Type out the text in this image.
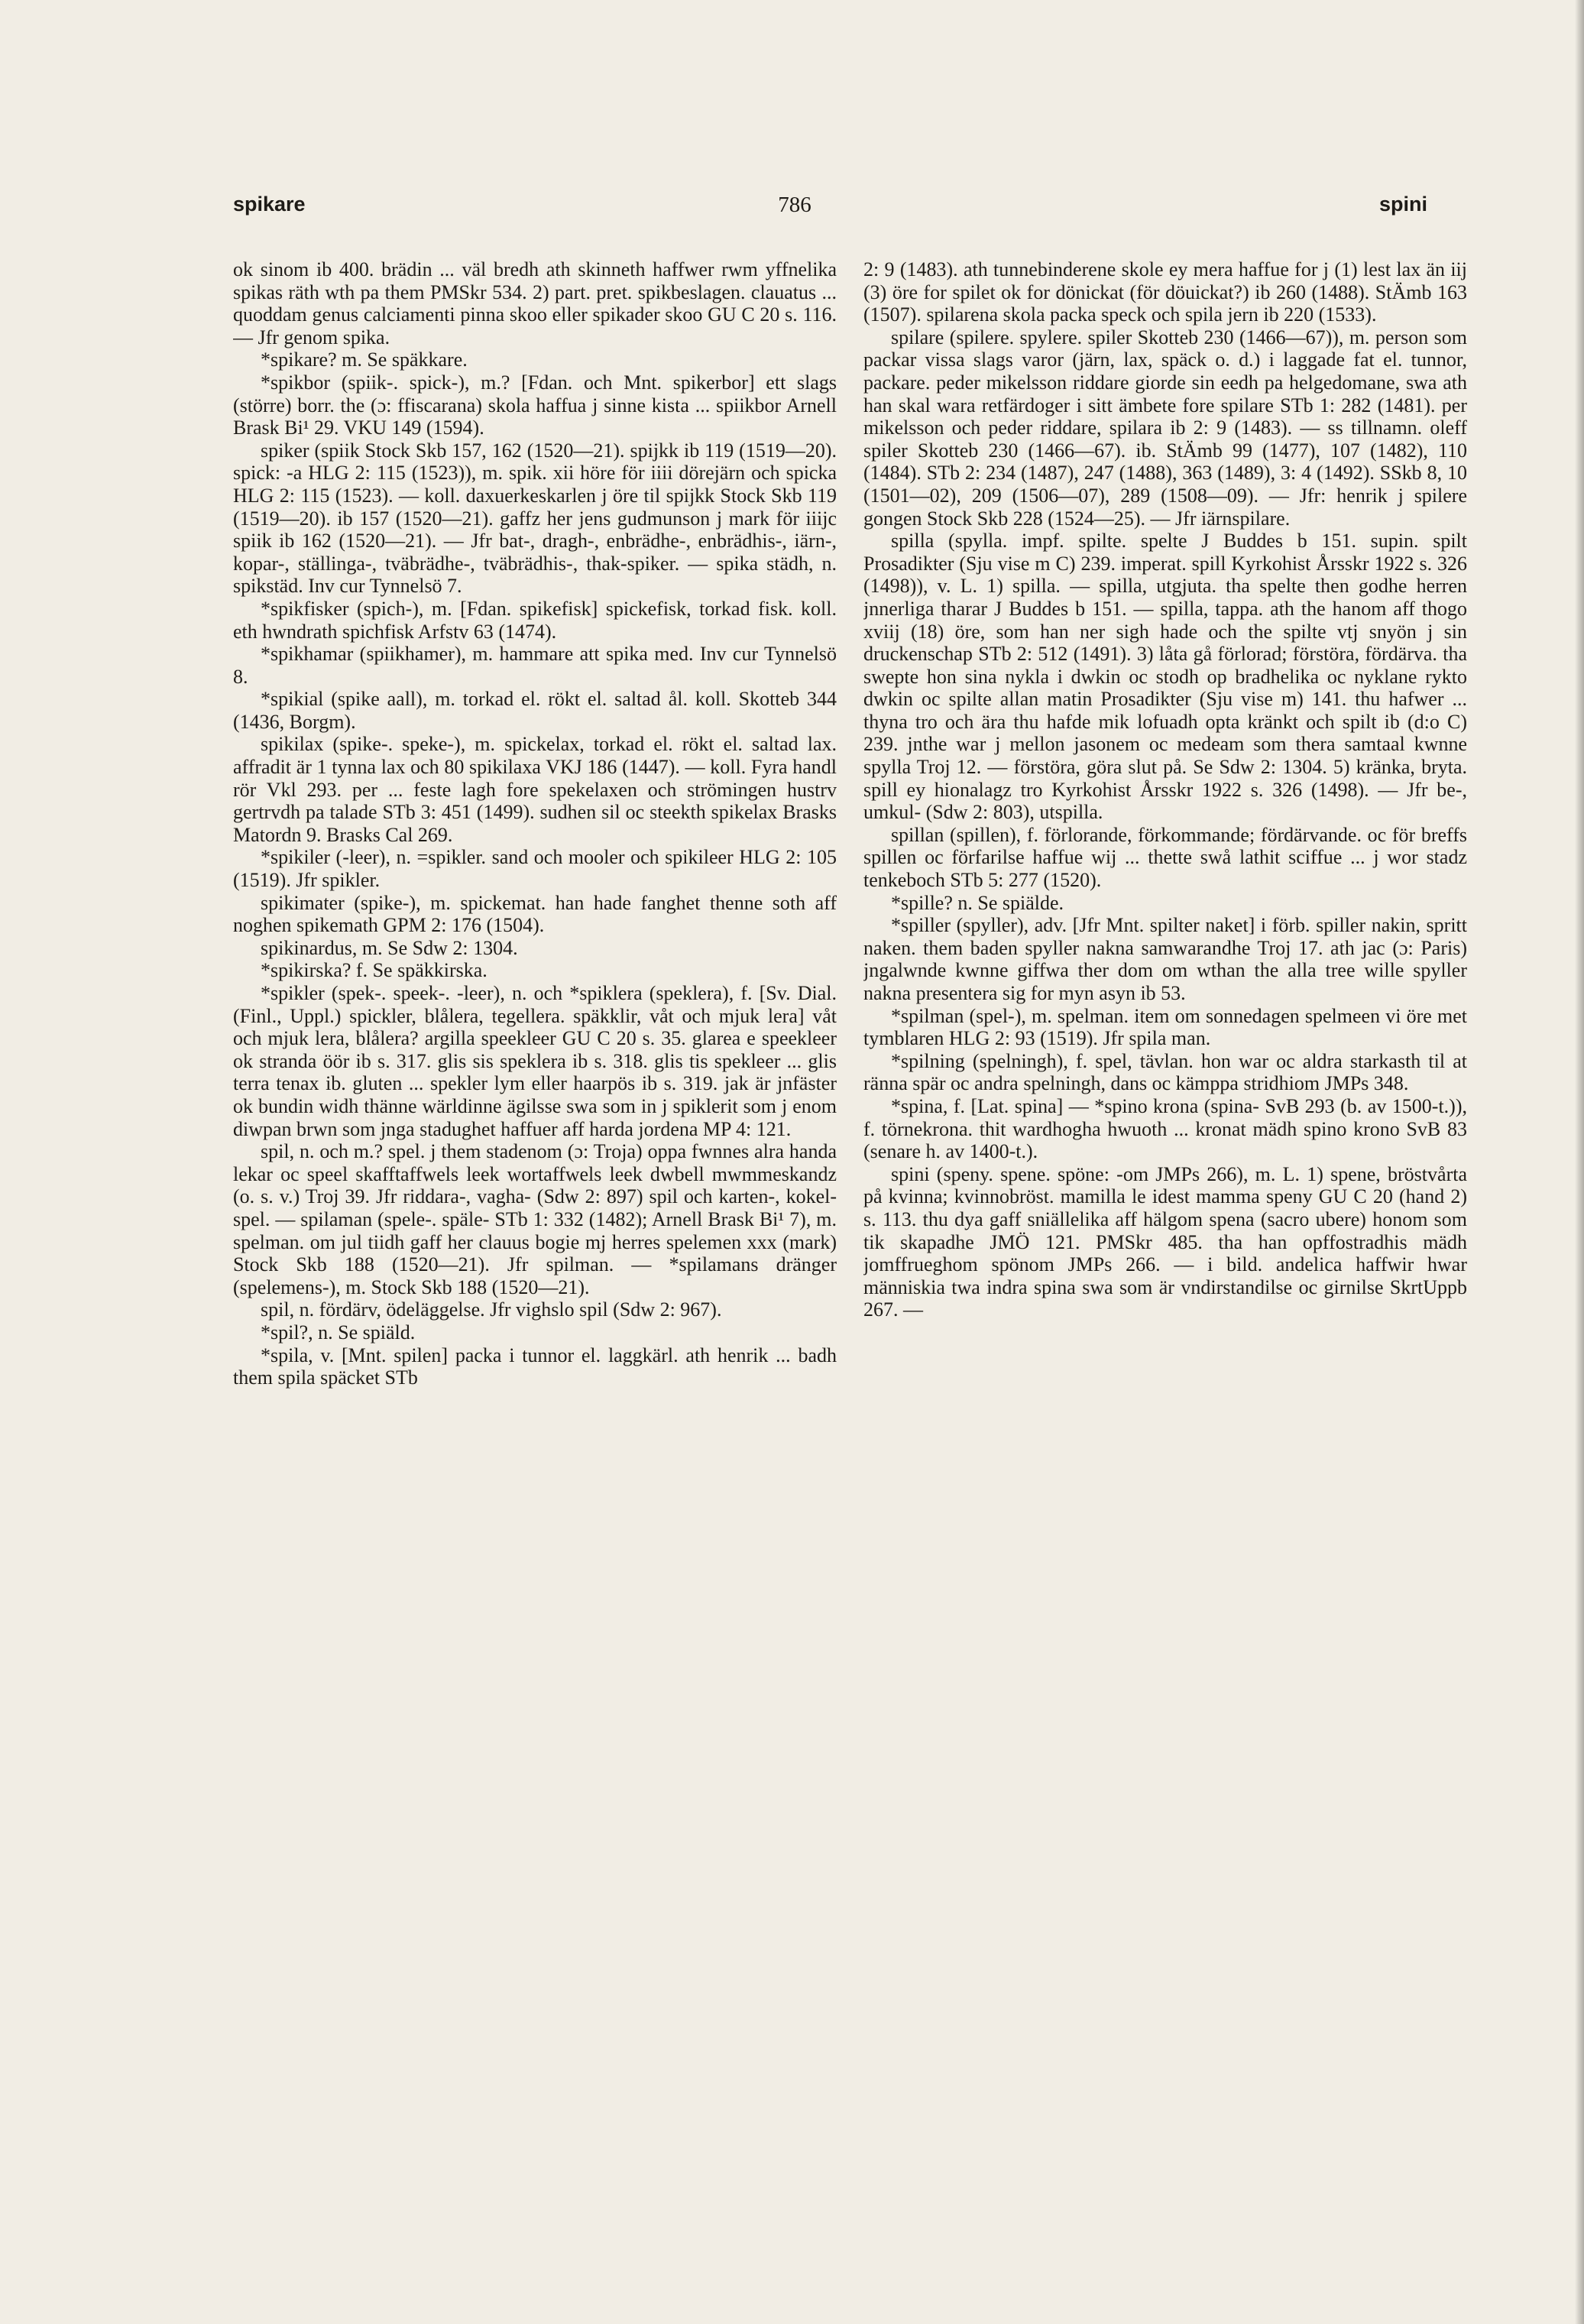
spikare	786	spini

ok sinom ib 400. brädin ... väl bredh ath skinneth haffwer rwm yffnelika spikas räth wth pa them PMSkr 534. 2) part. pret. spikbeslagen. clauatus ... quoddam genus calciamenti pinna skoo eller spikader skoo GU C 20 s. 116. — Jfr genom spika.

*spikare? m. Se späkkare.

*spikbor (spiik-. spick-), m.? [Fdan. och Mnt. spikerbor] ett slags (större) borr. the (ɔ: ffiscarana) skola haffua j sinne kista ... spiikbor Arnell Brask Bi¹ 29. VKU 149 (1594).

spiker (spiik Stock Skb 157, 162 (1520—21). spijkk ib 119 (1519—20). spick: -a HLG 2: 115 (1523)), m. spik. xii höre för iiii dörejärn och spicka HLG 2: 115 (1523). — koll. daxuerkeskarlen j öre til spijkk Stock Skb 119 (1519—20). ib 157 (1520—21). gaffz her jens gudmunson j mark för iiijc spiik ib 162 (1520—21). — Jfr bat-, dragh-, enbrädhe-, enbrädhis-, iärn-, kopar-, ställinga-, tväbrädhe-, tväbrädhis-, thak-spiker. — spika städh, n. spikstäd. Inv cur Tynnelsö 7.

*spikfisker (spich-), m. [Fdan. spikefisk] spickefisk, torkad fisk. koll. eth hwndrath spichfisk Arfstv 63 (1474).

*spikhamar (spiikhamer), m. hammare att spika med. Inv cur Tynnelsö 8.

*spikial (spike aall), m. torkad el. rökt el. saltad ål. koll. Skotteb 344 (1436, Borgm).

spikilax (spike-. speke-), m. spickelax, torkad el. rökt el. saltad lax. affradit är 1 tynna lax och 80 spikilaxa VKJ 186 (1447). — koll. Fyra handl rör Vkl 293. per ... feste lagh fore spekelaxen och strömingen hustrv gertrvdh pa talade STb 3: 451 (1499). sudhen sil oc steekth spikelax Brasks Matordn 9. Brasks Cal 269.

*spikiler (-leer), n. =spikler. sand och mooler och spikileer HLG 2: 105 (1519). Jfr spikler.

spikimater (spike-), m. spickemat. han hade fanghet thenne soth aff noghen spikemath GPM 2: 176 (1504).

spikinardus, m. Se Sdw 2: 1304.

*spikirska? f. Se späkkirska.

*spikler (spek-. speek-. -leer), n. och *spiklera (speklera), f. [Sv. Dial. (Finl., Uppl.) spickler, blålera, tegellera. späkklir, våt och mjuk lera] våt och mjuk lera, blålera? argilla speekleer GU C 20 s. 35. glarea e speekleer ok stranda öör ib s. 317. glis sis speklera ib s. 318. glis tis spekleer ... glis terra tenax ib. gluten ... spekler lym eller haarpös ib s. 319. jak är jnfäster ok bundin widh thänne wärldinne ägilsse swa som in j spiklerit som j enom diwpan brwn som jnga stadughet haffuer aff harda jordena MP 4: 121.

spil, n. och m.? spel. j them stadenom (ɔ: Troja) oppa fwnnes alra handa lekar oc speel skafftaffwels leek wortaffwels leek dwbell mwmmeskandz (o. s. v.) Troj 39. Jfr riddara-, vagha- (Sdw 2: 897) spil och karten-, kokel-spel. — spilaman (spele-. späle- STb 1: 332 (1482); Arnell Brask Bi¹ 7), m. spelman. om jul tiidh gaff her clauus bogie mj herres spelemen xxx (mark) Stock Skb 188 (1520—21). Jfr spilman. — *spilamans dränger (spelemens-), m. Stock Skb 188 (1520—21).

spil, n. fördärv, ödeläggelse. Jfr vighslo spil (Sdw 2: 967).

*spil?, n. Se spiäld.

*spila, v. [Mnt. spilen] packa i tunnor el. laggkärl. ath henrik ... badh them spila späcket STb

2: 9 (1483). ath tunnebinderene skole ey mera haffue for j (1) lest lax än iij (3) öre for spilet ok for dönickat (för döuickat?) ib 260 (1488). StÄmb 163 (1507). spilarena skola packa speck och spila jern ib 220 (1533).

spilare (spilere. spylere. spiler Skotteb 230 (1466—67)), m. person som packar vissa slags varor (järn, lax, späck o. d.) i laggade fat el. tunnor, packare. peder mikelsson riddare giorde sin eedh pa helgedomane, swa ath han skal wara retfärdoger i sitt ämbete fore spilare STb 1: 282 (1481). per mikelsson och peder riddare, spilara ib 2: 9 (1483). — ss tillnamn. oleff spiler Skotteb 230 (1466—67). ib. StÄmb 99 (1477), 107 (1482), 110 (1484). STb 2: 234 (1487), 247 (1488), 363 (1489), 3: 4 (1492). SSkb 8, 10 (1501—02), 209 (1506—07), 289 (1508—09). — Jfr: henrik j spilere gongen Stock Skb 228 (1524—25). — Jfr iärnspilare.

spilla (spylla. impf. spilte. spelte J Buddes b 151. supin. spilt Prosadikter (Sju vise m C) 239. imperat. spill Kyrkohist Årsskr 1922 s. 326 (1498)), v. L. 1) spilla. — spilla, utgjuta. tha spelte then godhe herren jnnerliga tharar J Buddes b 151. — spilla, tappa. ath the hanom aff thogo xviij (18) öre, som han ner sigh hade och the spilte vtj snyön j sin druckenschap STb 2: 512 (1491). 3) låta gå förlorad; förstöra, fördärva. tha swepte hon sina nykla i dwkin oc stodh op bradhelika oc nyklane rykto dwkin oc spilte allan matin Prosadikter (Sju vise m) 141. thu hafwer ... thyna tro och ära thu hafde mik lofuadh opta kränkt och spilt ib (d:o C) 239. jnthe war j mellon jasonem oc medeam som thera samtaal kwnne spylla Troj 12. — förstöra, göra slut på. Se Sdw 2: 1304. 5) kränka, bryta. spill ey hionalagz tro Kyrkohist Årsskr 1922 s. 326 (1498). — Jfr be-, umkul- (Sdw 2: 803), utspilla.

spillan (spillen), f. förlorande, förkommande; fördärvande. oc för breffs spillen oc förfarilse haffue wij ... thette swå lathit sciffue ... j wor stadz tenkeboch STb 5: 277 (1520).

*spille? n. Se spiälde.

*spiller (spyller), adv. [Jfr Mnt. spilter naket] i förb. spiller nakin, spritt naken. them baden spyller nakna samwarandhe Troj 17. ath jac (ɔ: Paris) jngalwnde kwnne giffwa ther dom om wthan the alla tree wille spyller nakna presentera sig for myn asyn ib 53.

*spilman (spel-), m. spelman. item om sonnedagen spelmeen vi öre met tymblaren HLG 2: 93 (1519). Jfr spila man.

*spilning (spelningh), f. spel, tävlan. hon war oc aldra starkasth til at ränna spär oc andra spelningh, dans oc kämppa stridhiom JMPs 348.

*spina, f. [Lat. spina] — *spino krona (spina- SvB 293 (b. av 1500-t.)), f. törnekrona. thit wardhogha hwuoth ... kronat mädh spino krono SvB 83 (senare h. av 1400-t.).

spini (speny. spene. spöne: -om JMPs 266), m. L. 1) spene, bröstvårta på kvinna; kvinnobröst. mamilla le idest mamma speny GU C 20 (hand 2) s. 113. thu dya gaff sniällelika aff hälgom spena (sacro ubere) honom som tik skapadhe JMÖ 121. PMSkr 485. tha han opffostradhis mädh jomffrueghom spönom JMPs 266. — i bild. andelica haffwir hwar människia twa indra spina swa som är vndirstandilse oc girnilse SkrtUppb 267. —
